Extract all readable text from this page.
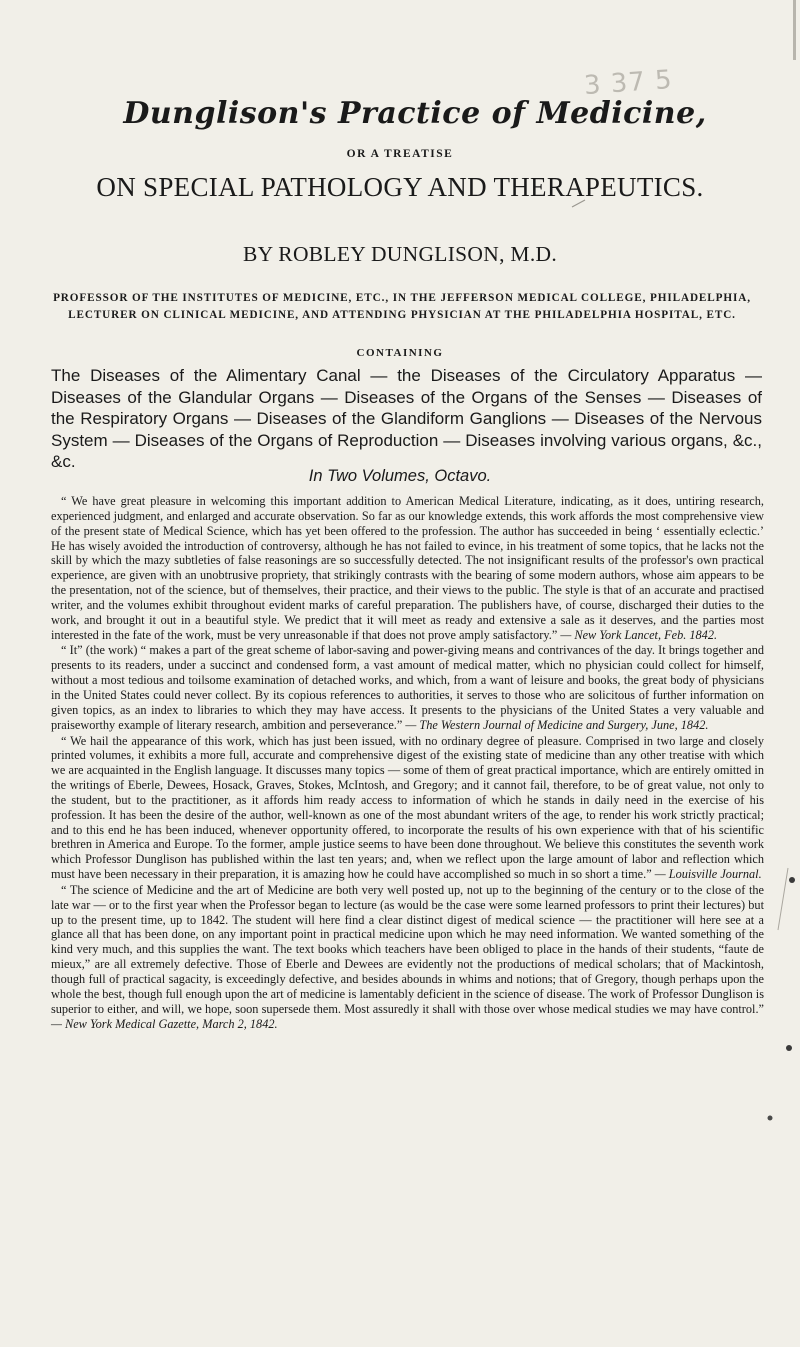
3 37 5
Dunglison's Practice of Medicine,

OR A TREATISE

ON SPECIAL PATHOLOGY AND THERAPEUTICS.

BY ROBLEY DUNGLISON, M.D.

PROFESSOR OF THE INSTITUTES OF MEDICINE, ETC., IN THE JEFFERSON MEDICAL COLLEGE, PHILADELPHIA, LECTURER ON CLINICAL MEDICINE, AND ATTENDING PHYSICIAN AT THE PHILADELPHIA HOSPITAL, ETC.

CONTAINING

The Diseases of the Alimentary Canal — the Diseases of the Circulatory Apparatus — Diseases of the Glandular Organs — Diseases of the Organs of the Senses — Diseases of the Respiratory Organs — Diseases of the Glandiform Ganglions — Diseases of the Nervous System — Diseases of the Organs of Reproduction — Diseases involving various organs, &c., &c.

In Two Volumes, Octavo.

“ We have great pleasure in welcoming this important addition to American Medical Literature, indicating, as it does, untiring research, experienced judgment, and enlarged and accurate observation. So far as our knowledge extends, this work affords the most comprehensive view of the present state of Medical Science, which has yet been offered to the profession. The author has succeeded in being ‘ essentially eclectic.’ He has wisely avoided the introduction of controversy, although he has not failed to evince, in his treatment of some topics, that he lacks not the skill by which the mazy subtleties of false reasonings are so successfully detected. The not insignificant results of the professor's own practical experience, are given with an unobtrusive propriety, that strikingly contrasts with the bearing of some modern authors, whose aim appears to be the presentation, not of the science, but of themselves, their practice, and their views to the public. The style is that of an accurate and practised writer, and the volumes exhibit throughout evident marks of careful preparation. The publishers have, of course, discharged their duties to the work, and brought it out in a beautiful style. We predict that it will meet as ready and extensive a sale as it deserves, and the parties most interested in the fate of the work, must be very unreasonable if that does not prove amply satisfactory.” — New York Lancet, Feb. 1842.

“ It” (the work) “ makes a part of the great scheme of labor-saving and power-giving means and contrivances of the day. It brings together and presents to its readers, under a succinct and condensed form, a vast amount of medical matter, which no physician could collect for himself, without a most tedious and toilsome examination of detached works, and which, from a want of leisure and books, the great body of physicians in the United States could never collect. By its copious references to authorities, it serves to those who are solicitous of further information on given topics, as an index to libraries to which they may have access. It presents to the physicians of the United States a very valuable and praiseworthy example of literary research, ambition and perseverance.” — The Western Journal of Medicine and Surgery, June, 1842.

“ We hail the appearance of this work, which has just been issued, with no ordinary degree of pleasure. Comprised in two large and closely printed volumes, it exhibits a more full, accurate and comprehensive digest of the existing state of medicine than any other treatise with which we are acquainted in the English language. It discusses many topics — some of them of great practical importance, which are entirely omitted in the writings of Eberle, Dewees, Hosack, Graves, Stokes, McIntosh, and Gregory; and it cannot fail, therefore, to be of great value, not only to the student, but to the practitioner, as it affords him ready access to information of which he stands in daily need in the exercise of his profession. It has been the desire of the author, well-known as one of the most abundant writers of the age, to render his work strictly practical; and to this end he has been induced, whenever opportunity offered, to incorporate the results of his own experience with that of his scientific brethren in America and Europe. To the former, ample justice seems to have been done throughout. We believe this constitutes the seventh work which Professor Dunglison has published within the last ten years; and, when we reflect upon the large amount of labor and reflection which must have been necessary in their preparation, it is amazing how he could have accomplished so much in so short a time.” — Louisville Journal.

“ The science of Medicine and the art of Medicine are both very well posted up, not up to the beginning of the century or to the close of the late war — or to the first year when the Professor began to lecture (as would be the case were some learned professors to print their lectures) but up to the present time, up to 1842. The student will here find a clear distinct digest of medical science — the practitioner will here see at a glance all that has been done, on any important point in practical medicine upon which he may need information. We wanted something of the kind very much, and this supplies the want. The text books which teachers have been obliged to place in the hands of their students, “faute de mieux,” are all extremely defective. Those of Eberle and Dewees are evidently not the productions of medical scholars; that of Mackintosh, though full of practical sagacity, is exceedingly defective, and besides abounds in whims and notions; that of Gregory, though perhaps upon the whole the best, though full enough upon the art of medicine is lamentably deficient in the science of disease. The work of Professor Dunglison is superior to either, and will, we hope, soon supersede them. Most assuredly it shall with those over whose medical studies we may have control.” — New York Medical Gazette, March 2, 1842.
